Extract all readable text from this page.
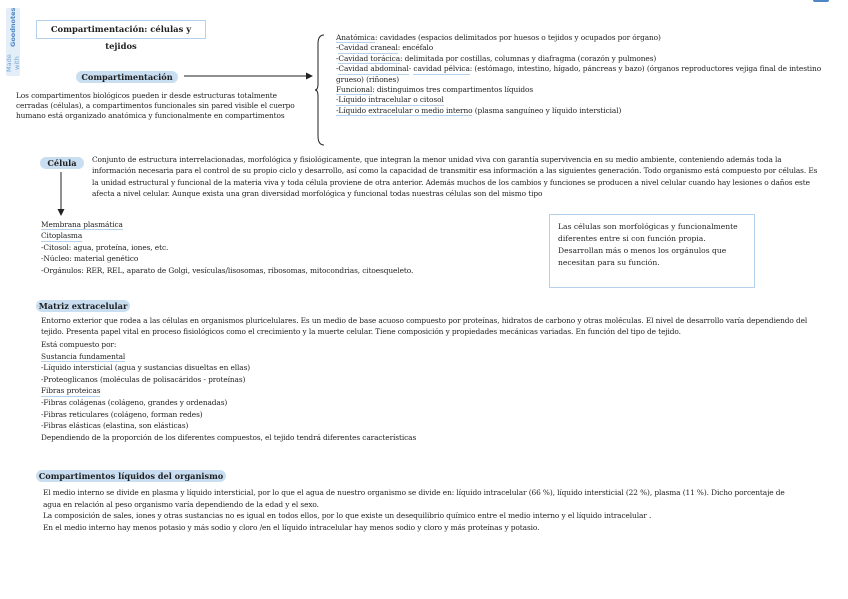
Made with

Goodnotes	Compartimentación: células y tejidos
Compartimentación
Los compartimentos biológicos pueden ir desde estructuras totalmente cerradas (células), a compartimentos funcionales sin pared visible el cuerpo humano está organizado anatómica y funcionalmente en compartimentos
Anatómica: cavidades (espacios delimitados por huesos o tejidos y ocupados por órgano)
-Cavidad craneal: encéfalo
-Cavidad torácica: delimitada por costillas, columnas y diafragma (corazón y pulmones)
-Cavidad abdominal- cavidad pélvica: (estómago, intestino, hígado, páncreas y bazo) (órganos reproductores vejiga final de intestino grueso) (riñones)
Funcional: distinguimos tres compartimentos líquidos
-Líquido intracelular o citosol
-Líquido extracelular o medio interno (plasma sanguíneo y líquido intersticial)
Célula	Conjunto de estructura interrelacionadas, morfológica y fisiológicamente, que integran la menor unidad viva con garantía supervivencia en su medio ambiente, conteniendo además toda la información necesaria para el control de su propio ciclo y desarrollo, así como la capacidad de transmitir esa información a las siguientes generación. Todo organismo está compuesto por células. Es la unidad estructural y funcional de la materia viva y toda célula proviene de otra anterior. Además muchos de los cambios y funciones se producen a nivel celular cuando hay lesiones o daños este afecta a nivel celular. Aunque exista una gran diversidad morfológica y funcional todas nuestras células son del mismo tipo
Membrana plasmática
Citoplasma
-Citosol: agua, proteína, iones, etc.
-Núcleo: material genético
-Orgánulos: RER, REL, aparato de Golgi, vesículas/lisosomas, ribosomas, mitocondrias, citoesqueleto.
Las células son morfológicas y funcionalmente diferentes entre si con función propia. Desarrollan más o menos los orgánulos que necesitan para su función.
Matriz extracelular
Entorno exterior que rodea a las células en organismos pluricelulares. Es un medio de base acuoso compuesto por proteínas, hidratos de carbono y otras moléculas. El nivel de desarrollo varía dependiendo del tejido. Presenta papel vital en proceso fisiológicos como el crecimiento y la muerte celular. Tiene composición y propiedades mecánicas variadas. En función del tipo de tejido.
Está compuesto por:
Sustancia fundamental
-Líquido intersticial (agua y sustancias disueltas en ellas)
-Proteoglicanos (moléculas de polisacáridos - proteínas)
Fibras proteicas
-Fibras colágenas (colágeno, grandes y ordenadas)
-Fibras reticulares (colágeno, forman redes)
-Fibras elásticas (elastina, son elásticas)
Dependiendo de la proporción de los diferentes compuestos, el tejido tendrá diferentes características
Compartimentos líquidos del organismo
El medio interno se divide en plasma y líquido intersticial, por lo que el agua de nuestro organismo se divide en: líquido intracelular (66 %), líquido intersticial (22 %), plasma (11 %). Dicho porcentaje de agua en relación al peso organismo varía dependiendo de la edad y el sexo.
La composición de sales, iones y otras sustancias no es igual en todos ellos, por lo que existe un desequilibrio químico entre el medio interno y el líquido intracelular .
En el medio interno hay menos potasio y más sodio y cloro /en el líquido intracelular hay menos sodio y cloro y más proteínas y potasio.
